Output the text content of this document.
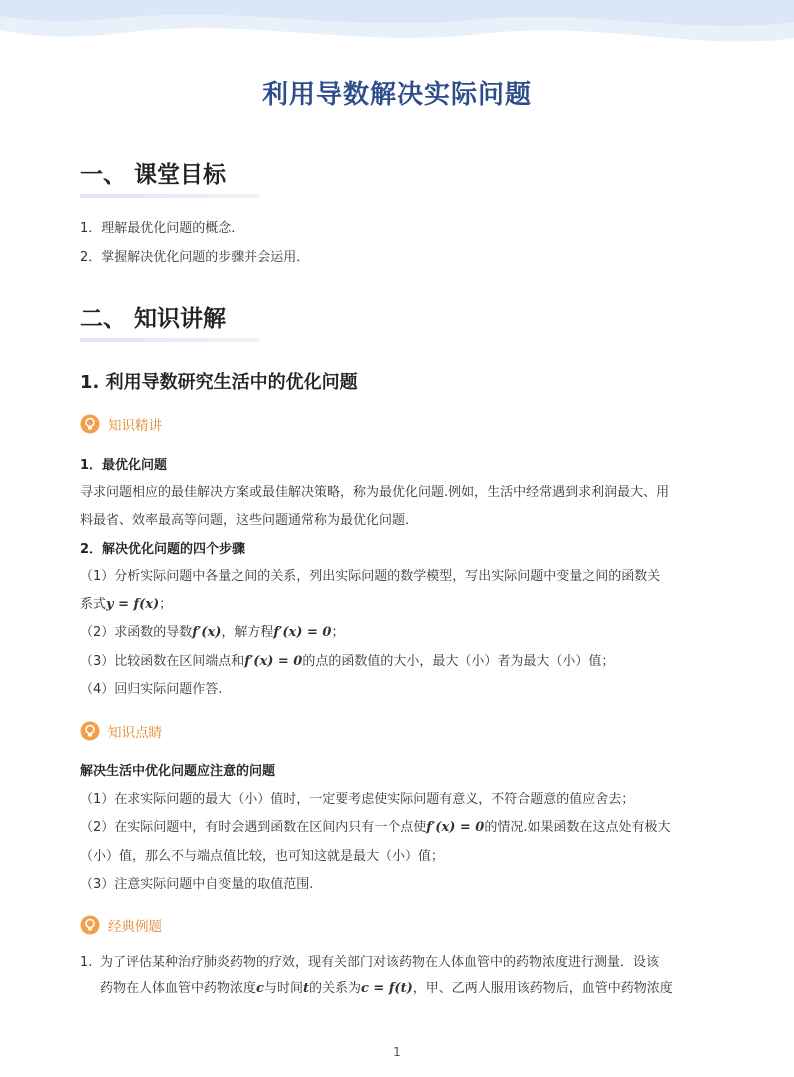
利用导数解决实际问题
一、 课堂目标
1．理解最优化问题的概念．
2．掌握解决优化问题的步骤并会运用．
二、 知识讲解
1. 利用导数研究生活中的优化问题
知识精讲
1．最优化问题
寻求问题相应的最佳解决方案或最佳解决策略，称为最优化问题.例如，生活中经常遇到求利润最大、用
料最省、效率最高等问题，这些问题通常称为最优化问题．
2．解决优化问题的四个步骤
（1）分析实际问题中各量之间的关系，列出实际问题的数学模型，写出实际问题中变量之间的函数关
系式y = f(x)；
（2）求函数的导数f′(x)，解方程f′(x) = 0；
（3）比较函数在区间端点和f′(x) = 0的点的函数值的大小，最大（小）者为最大（小）值；
（4）回归实际问题作答.
知识点睛
解决生活中优化问题应注意的问题
（1）在求实际问题的最大（小）值时，一定要考虑使实际问题有意义，不符合题意的值应舍去；
（2）在实际问题中，有时会遇到函数在区间内只有一个点使f′(x) = 0的情况.如果函数在这点处有极大
（小）值，那么不与端点值比较，也可知这就是最大（小）值；
（3）注意实际问题中自变量的取值范围.
经典例题
1. 为了评估某种治疗肺炎药物的疗效，现有关部门对该药物在人体血管中的药物浓度进行测量．设该
药物在人体血管中药物浓度c与时间t的关系为c = f(t)，甲、乙两人服用该药物后，血管中药物浓度
1
